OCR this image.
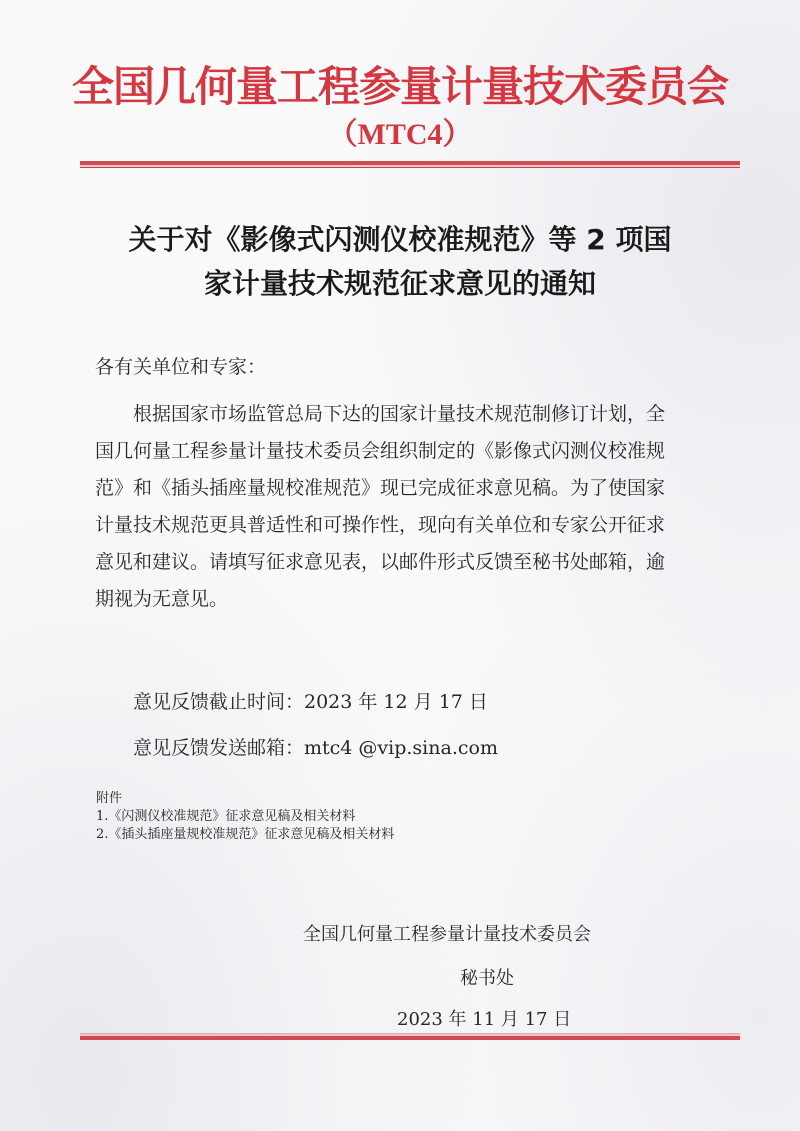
全国几何量工程参量计量技术委员会
（MTC4）
关于对《影像式闪测仪校准规范》等 2 项国
家计量技术规范征求意见的通知
各有关单位和专家：
根据国家市场监管总局下达的国家计量技术规范制修订计划，全国几何量工程参量计量技术委员会组织制定的《影像式闪测仪校准规范》和《插头插座量规校准规范》现已完成征求意见稿。为了使国家计量技术规范更具普适性和可操作性，现向有关单位和专家公开征求意见和建议。请填写征求意见表，以邮件形式反馈至秘书处邮箱，逾期视为无意见。
意见反馈截止时间：2023 年 12 月 17 日
意见反馈发送邮箱：mtc4 @vip.sina.com
附件
1.《闪测仪校准规范》征求意见稿及相关材料
2.《插头插座量规校准规范》征求意见稿及相关材料
全国几何量工程参量计量技术委员会
秘书处
2023 年 11 月 17 日
